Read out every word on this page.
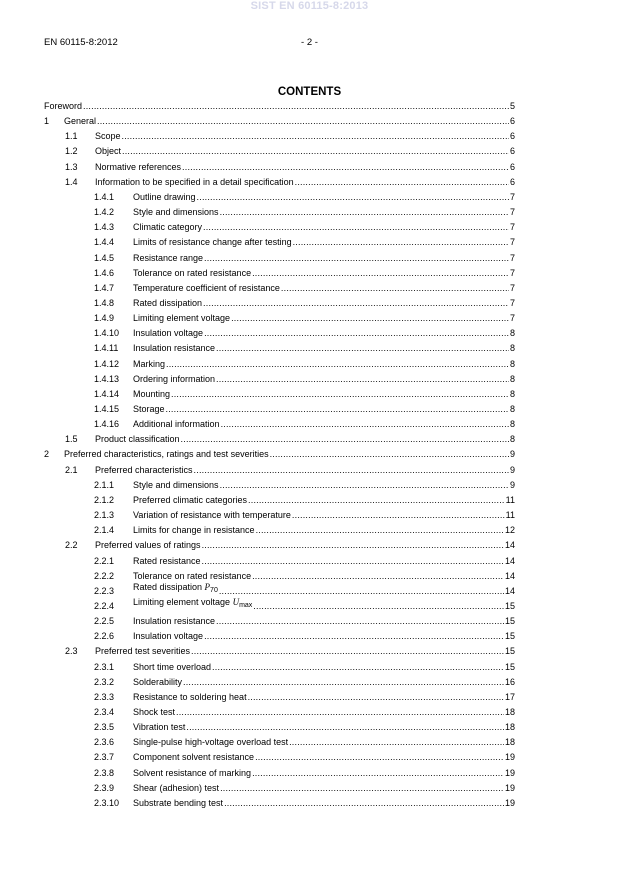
SIST EN 60115-8:2013
EN 60115-8:2012	- 2 -
CONTENTS
Foreword .....	5
1	General .....	6
1.1	Scope .....	6
1.2	Object .....	6
1.3	Normative references .....	6
1.4	Information to be specified in a detail specification .....	6
1.4.1	Outline drawing .....	7
1.4.2	Style and dimensions .....	7
1.4.3	Climatic category .....	7
1.4.4	Limits of resistance change after testing .....	7
1.4.5	Resistance range .....	7
1.4.6	Tolerance on rated resistance .....	7
1.4.7	Temperature coefficient of resistance .....	7
1.4.8	Rated dissipation .....	7
1.4.9	Limiting element voltage .....	7
1.4.10	Insulation voltage .....	8
1.4.11	Insulation resistance .....	8
1.4.12	Marking .....	8
1.4.13	Ordering information .....	8
1.4.14	Mounting .....	8
1.4.15	Storage .....	8
1.4.16	Additional information .....	8
1.5	Product classification .....	8
2	Preferred characteristics, ratings and test severities .....	9
2.1	Preferred characteristics .....	9
2.1.1	Style and dimensions .....	9
2.1.2	Preferred climatic categories .....	11
2.1.3	Variation of resistance with temperature .....	11
2.1.4	Limits for change in resistance .....	12
2.2	Preferred values of ratings .....	14
2.2.1	Rated resistance .....	14
2.2.2	Tolerance on rated resistance .....	14
2.2.3	Rated dissipation $P_{70}$ .....	14
2.2.4	Limiting element voltage $U_{max}$ .....	15
2.2.5	Insulation resistance .....	15
2.2.6	Insulation voltage .....	15
2.3	Preferred test severities .....	15
2.3.1	Short time overload .....	15
2.3.2	Solderability .....	16
2.3.3	Resistance to soldering heat .....	17
2.3.4	Shock test .....	18
2.3.5	Vibration test .....	18
2.3.6	Single-pulse high-voltage overload test .....	18
2.3.7	Component solvent resistance .....	19
2.3.8	Solvent resistance of marking .....	19
2.3.9	Shear (adhesion) test .....	19
2.3.10	Substrate bending test .....	19
